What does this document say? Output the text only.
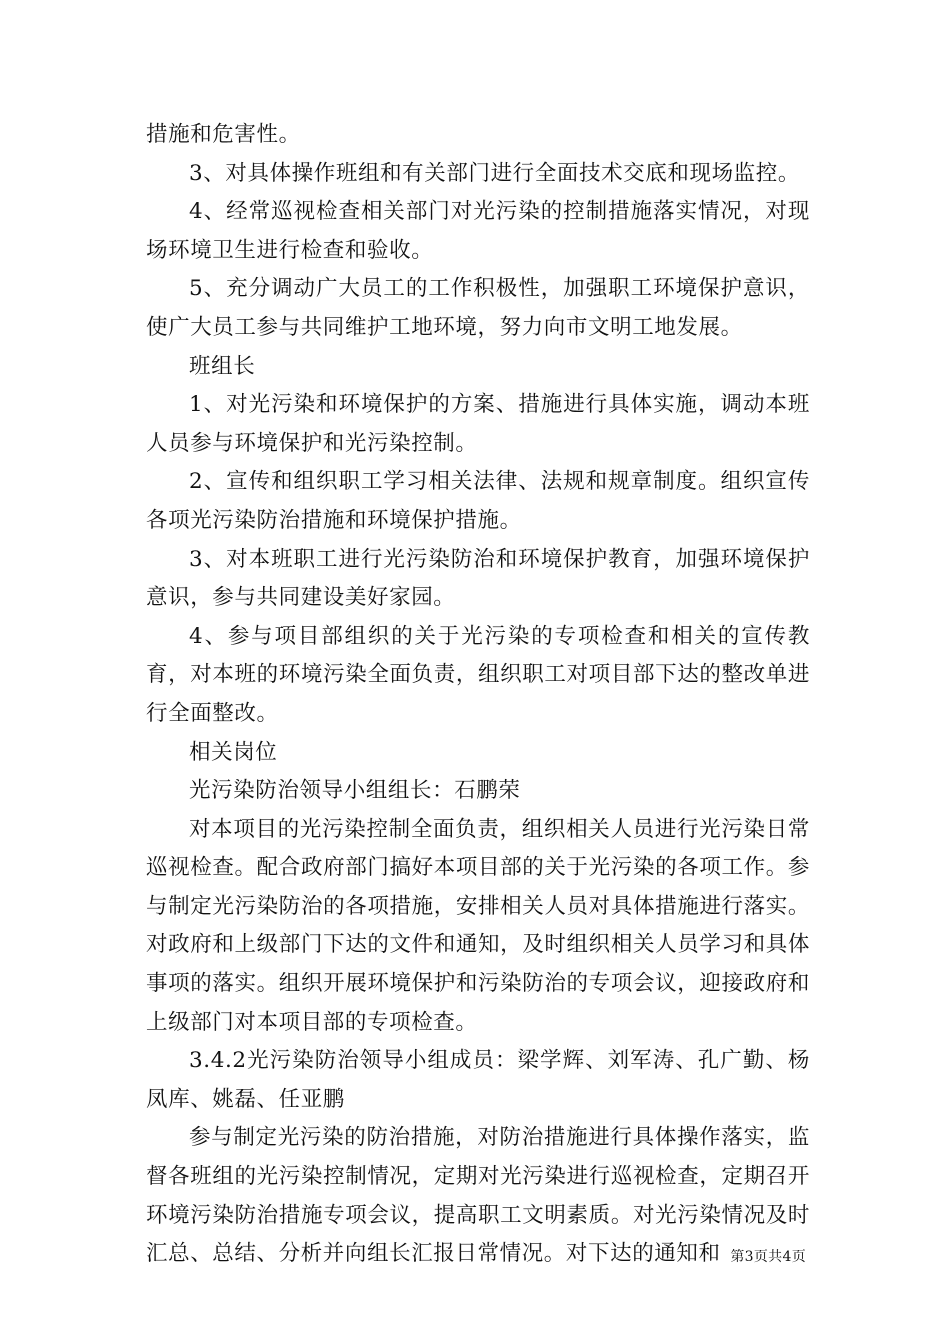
措施和危害性。

3、对具体操作班组和有关部门进行全面技术交底和现场监控。

4、经常巡视检查相关部门对光污染的控制措施落实情况，对现场环境卫生进行检查和验收。

5、充分调动广大员工的工作积极性，加强职工环境保护意识，使广大员工参与共同维护工地环境，努力向市文明工地发展。

班组长

1、对光污染和环境保护的方案、措施进行具体实施，调动本班人员参与环境保护和光污染控制。

2、宣传和组织职工学习相关法律、法规和规章制度。组织宣传各项光污染防治措施和环境保护措施。

3、对本班职工进行光污染防治和环境保护教育，加强环境保护意识，参与共同建设美好家园。

4、参与项目部组织的关于光污染的专项检查和相关的宣传教育，对本班的环境污染全面负责，组织职工对项目部下达的整改单进行全面整改。

相关岗位

光污染防治领导小组组长：石鹏荣

对本项目的光污染控制全面负责，组织相关人员进行光污染日常巡视检查。配合政府部门搞好本项目部的关于光污染的各项工作。参与制定光污染防治的各项措施，安排相关人员对具体措施进行落实。对政府和上级部门下达的文件和通知，及时组织相关人员学习和具体事项的落实。组织开展环境保护和污染防治的专项会议，迎接政府和上级部门对本项目部的专项检查。

3.4.2光污染防治领导小组成员：梁学辉、刘军涛、孔广勤、杨凤库、姚磊、任亚鹏

参与制定光污染的防治措施，对防治措施进行具体操作落实，监督各班组的光污染控制情况，定期对光污染进行巡视检查，定期召开环境污染防治措施专项会议，提高职工文明素质。对光污染情况及时汇总、总结、分析并向组长汇报日常情况。对下达的通知和 第3页共4页
